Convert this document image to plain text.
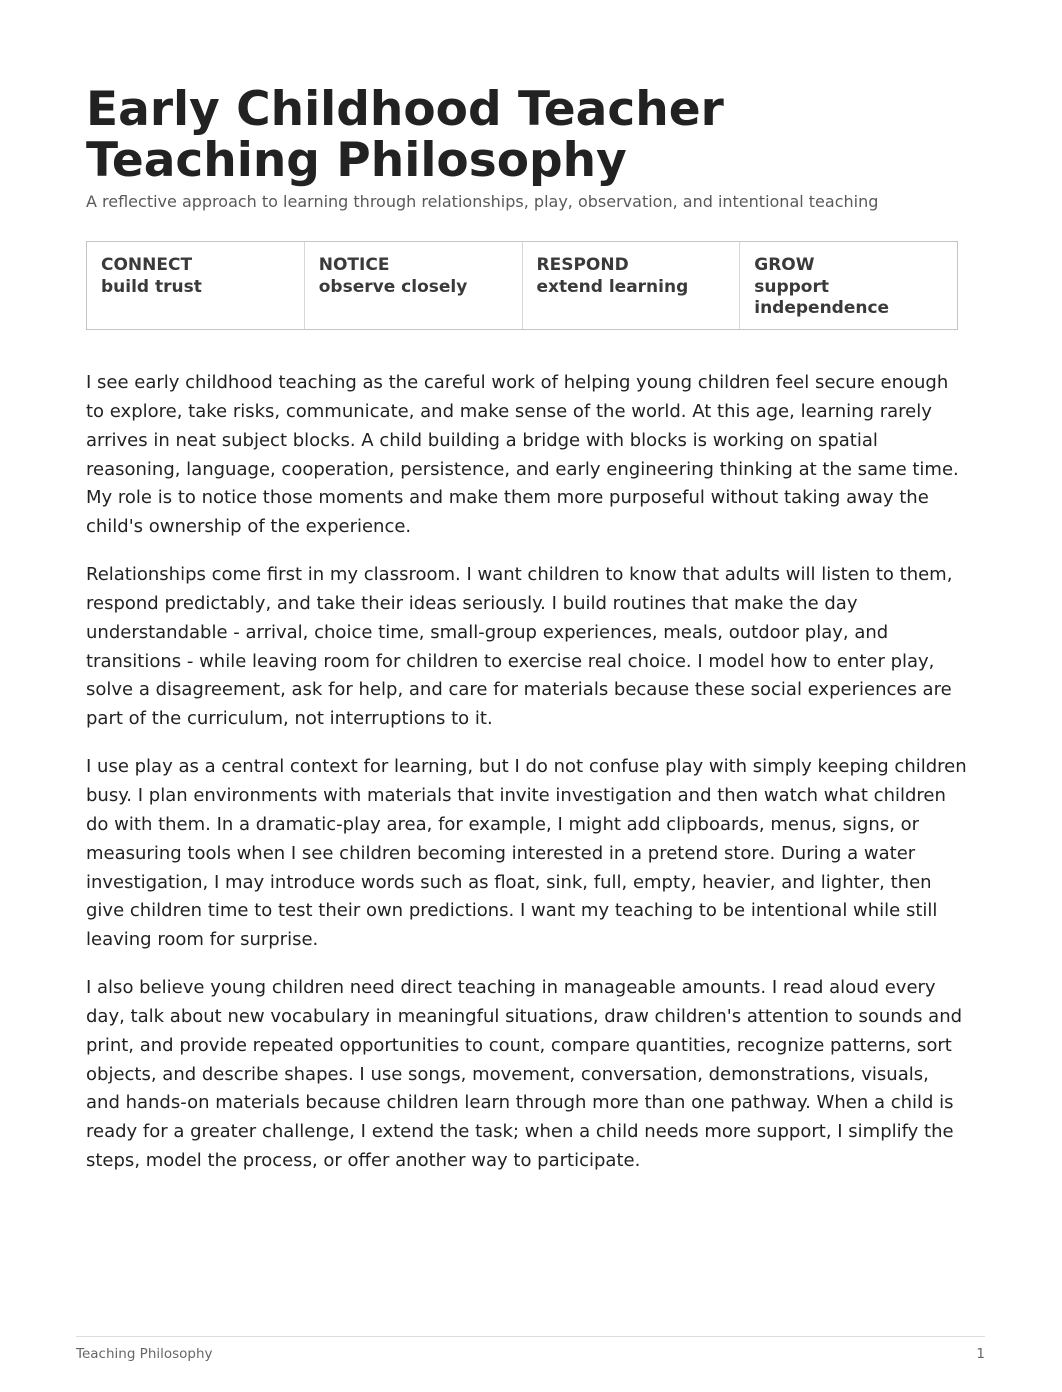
Early Childhood Teacher Teaching Philosophy
A reflective approach to learning through relationships, play, observation, and intentional teaching
CONNECT
build trust
NOTICE
observe closely
RESPOND
extend learning
GROW
support independence

I see early childhood teaching as the careful work of helping young children feel secure enough to explore, take risks, communicate, and make sense of the world. At this age, learning rarely arrives in neat subject blocks. A child building a bridge with blocks is working on spatial reasoning, language, cooperation, persistence, and early engineering thinking at the same time. My role is to notice those moments and make them more purposeful without taking away the child's ownership of the experience.

Relationships come first in my classroom. I want children to know that adults will listen to them, respond predictably, and take their ideas seriously. I build routines that make the day understandable - arrival, choice time, small-group experiences, meals, outdoor play, and transitions - while leaving room for children to exercise real choice. I model how to enter play, solve a disagreement, ask for help, and care for materials because these social experiences are part of the curriculum, not interruptions to it.

I use play as a central context for learning, but I do not confuse play with simply keeping children busy. I plan environments with materials that invite investigation and then watch what children do with them. In a dramatic-play area, for example, I might add clipboards, menus, signs, or measuring tools when I see children becoming interested in a pretend store. During a water investigation, I may introduce words such as float, sink, full, empty, heavier, and lighter, then give children time to test their own predictions. I want my teaching to be intentional while still leaving room for surprise.

I also believe young children need direct teaching in manageable amounts. I read aloud every day, talk about new vocabulary in meaningful situations, draw children's attention to sounds and print, and provide repeated opportunities to count, compare quantities, recognize patterns, sort objects, and describe shapes. I use songs, movement, conversation, demonstrations, visuals, and hands-on materials because children learn through more than one pathway. When a child is ready for a greater challenge, I extend the task; when a child needs more support, I simplify the steps, model the process, or offer another way to participate.

Teaching Philosophy	1
